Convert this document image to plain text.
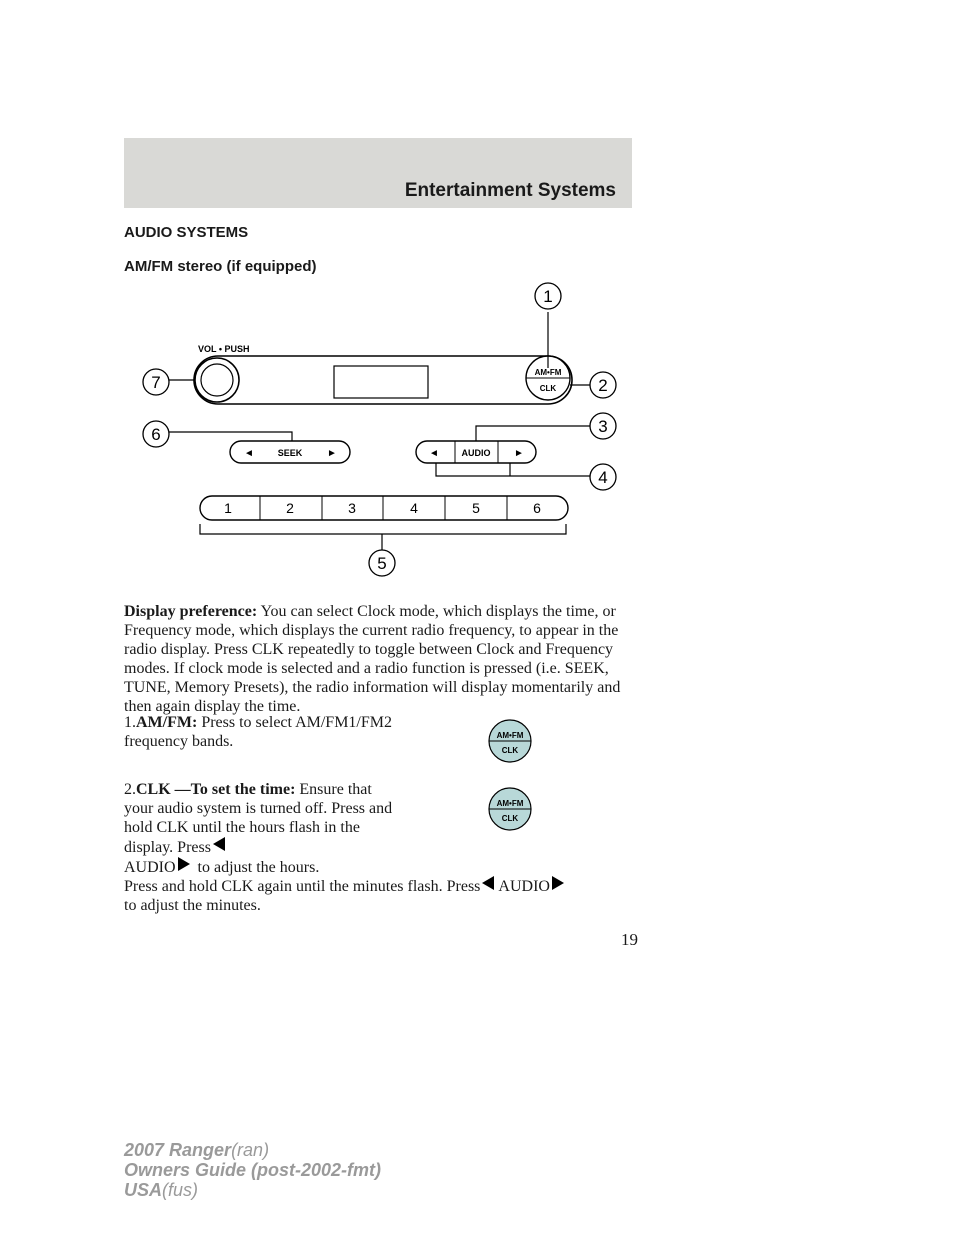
Entertainment Systems
AUDIO SYSTEMS
AM/FM stereo (if equipped)
VOL • PUSH
AM•FM
CLK
◄	SEEK ►	◄	AUDIO ►
1	2	3	4	5	6
1
2
3
4
5
6
7
Display preference: You can select Clock mode, which displays the time, or Frequency mode, which displays the current radio frequency, to appear in the radio display. Press CLK repeatedly to toggle between Clock and Frequency modes. If clock mode is selected and a radio function is pressed (i.e. SEEK, TUNE, Memory Presets), the radio information will display momentarily and then again display the time.
1.AM/FM: Press to select AM/FM1/FM2 frequency bands.	AM•FM
CLK
2.CLK —To set the time: Ensure that your audio system is turned off. Press and hold CLK until the hours flash in the display. Press
AUDIO to adjust the hours.
AM•FM
CLK
Press and hold CLK again until the minutes flash. Press AUDIO
to adjust the minutes.
19
2007 Ranger(ran)
Owners Guide (post-2002-fmt)
USA(fus)
